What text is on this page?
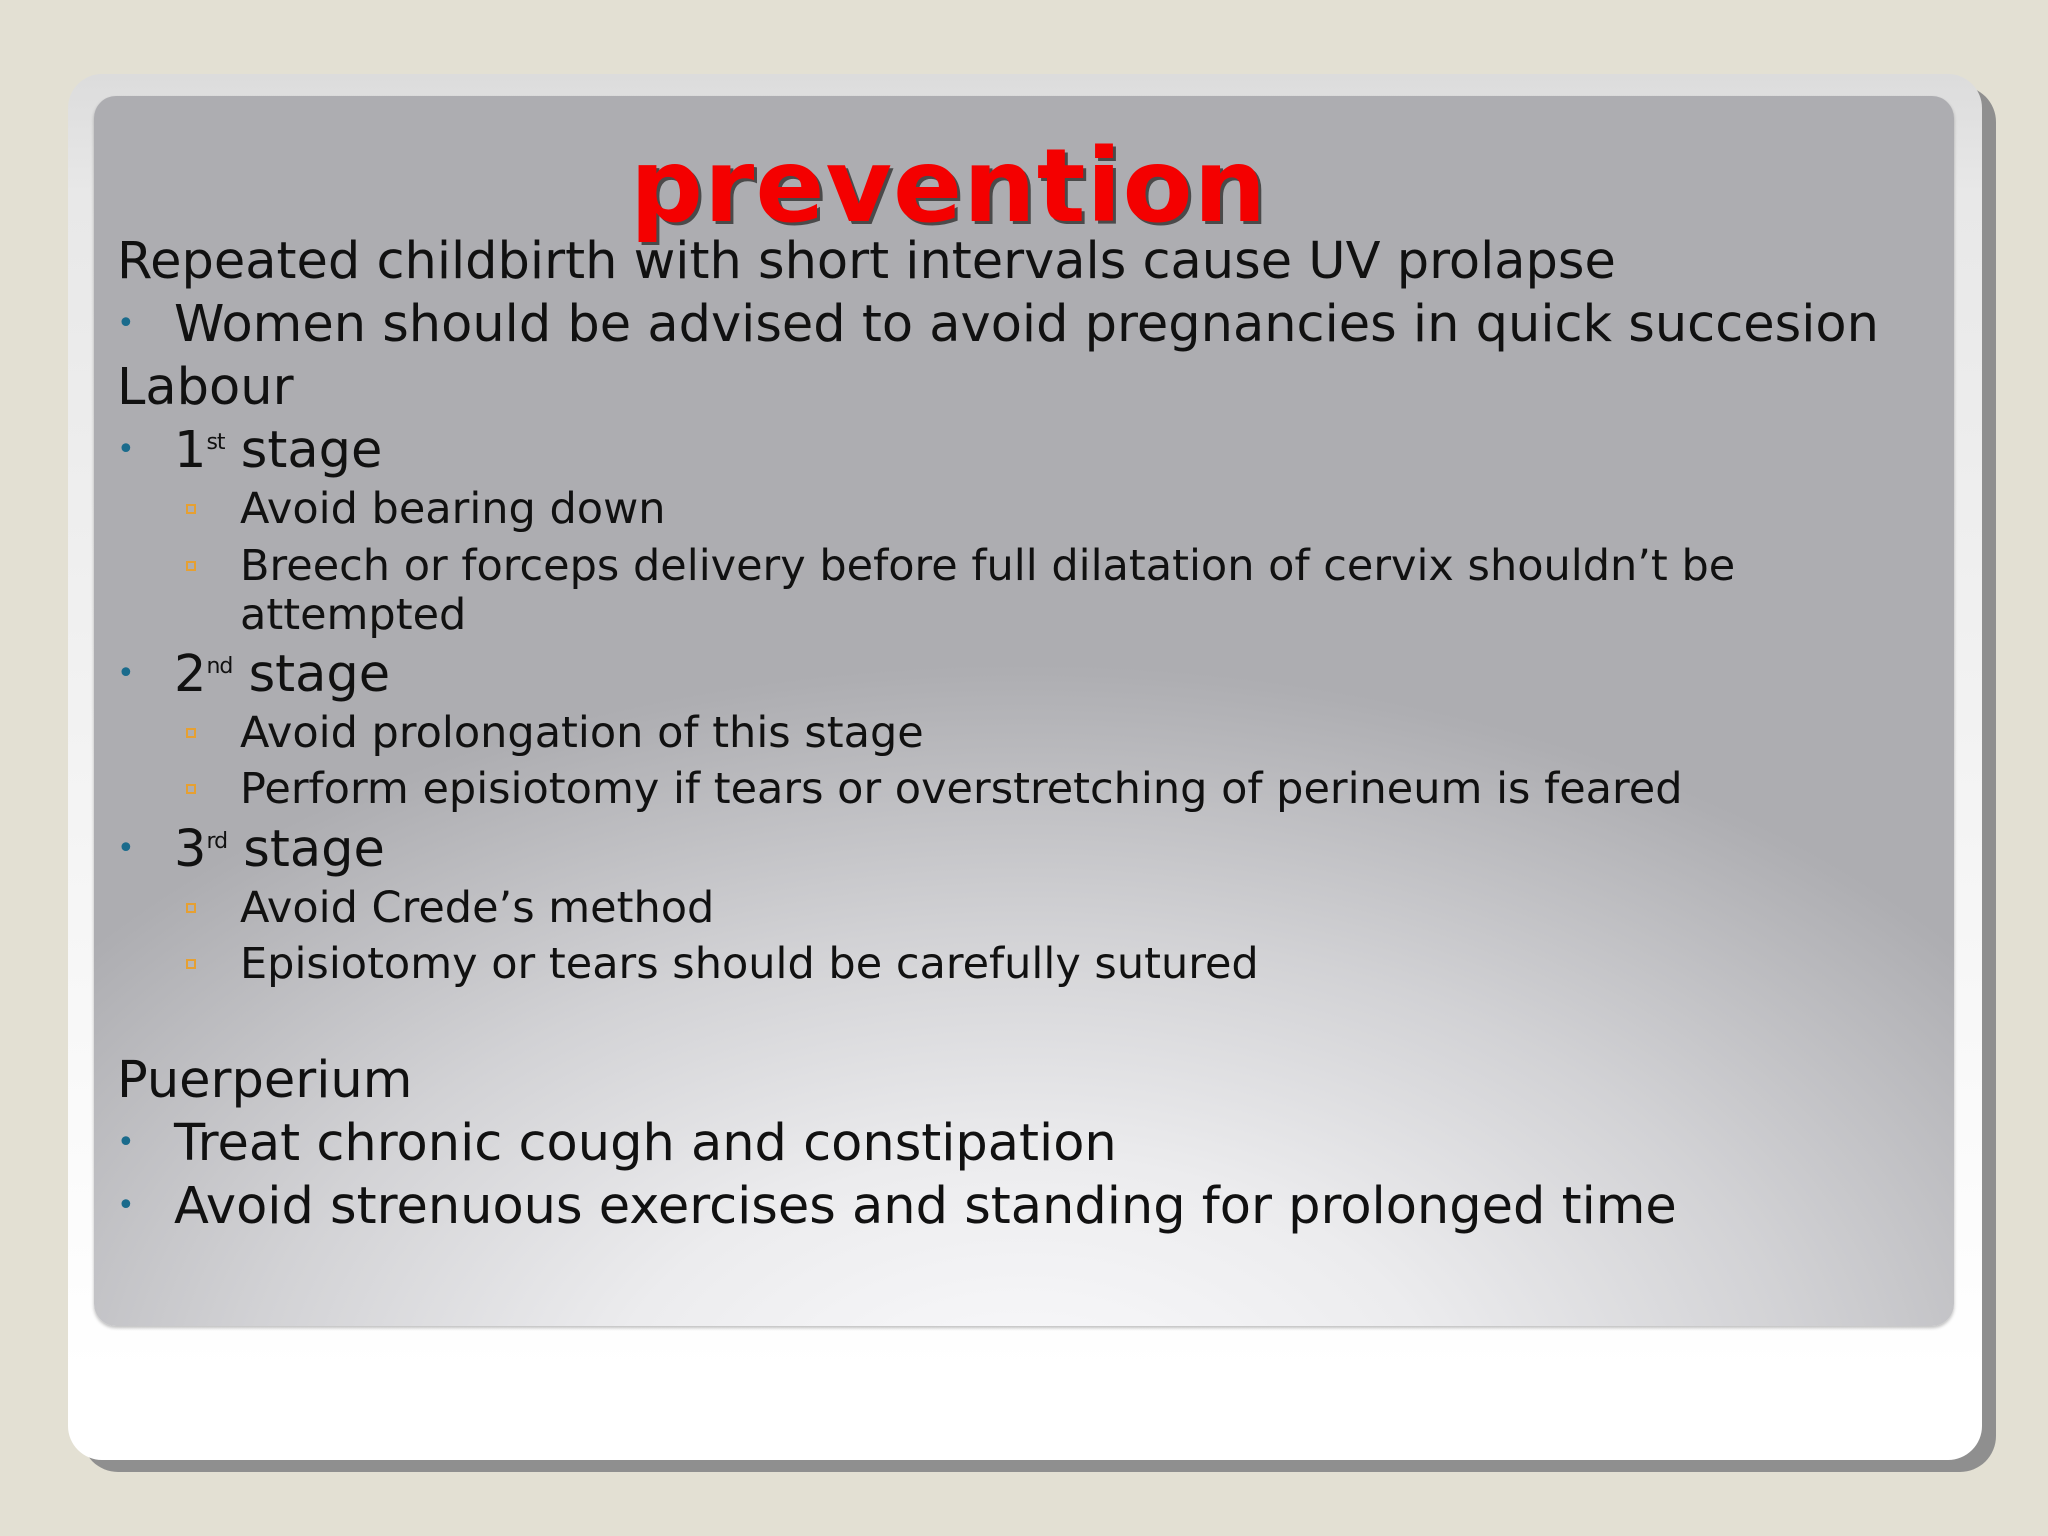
prevention
Repeated childbirth with short intervals cause UV prolapse
• Women should be advised to avoid pregnancies in quick succesion
Labour
• 1st stage
Avoid bearing down
Breech or forceps delivery before full dilatation of cervix shouldn’t be
attempted
• 2nd stage
Avoid prolongation of this stage
Perform episiotomy if tears or overstretching of perineum is feared
• 3rd stage
Avoid Crede’s method
Episiotomy or tears should be carefully sutured
Puerperium
• Treat chronic cough and constipation
• Avoid strenuous exercises and standing for prolonged time
